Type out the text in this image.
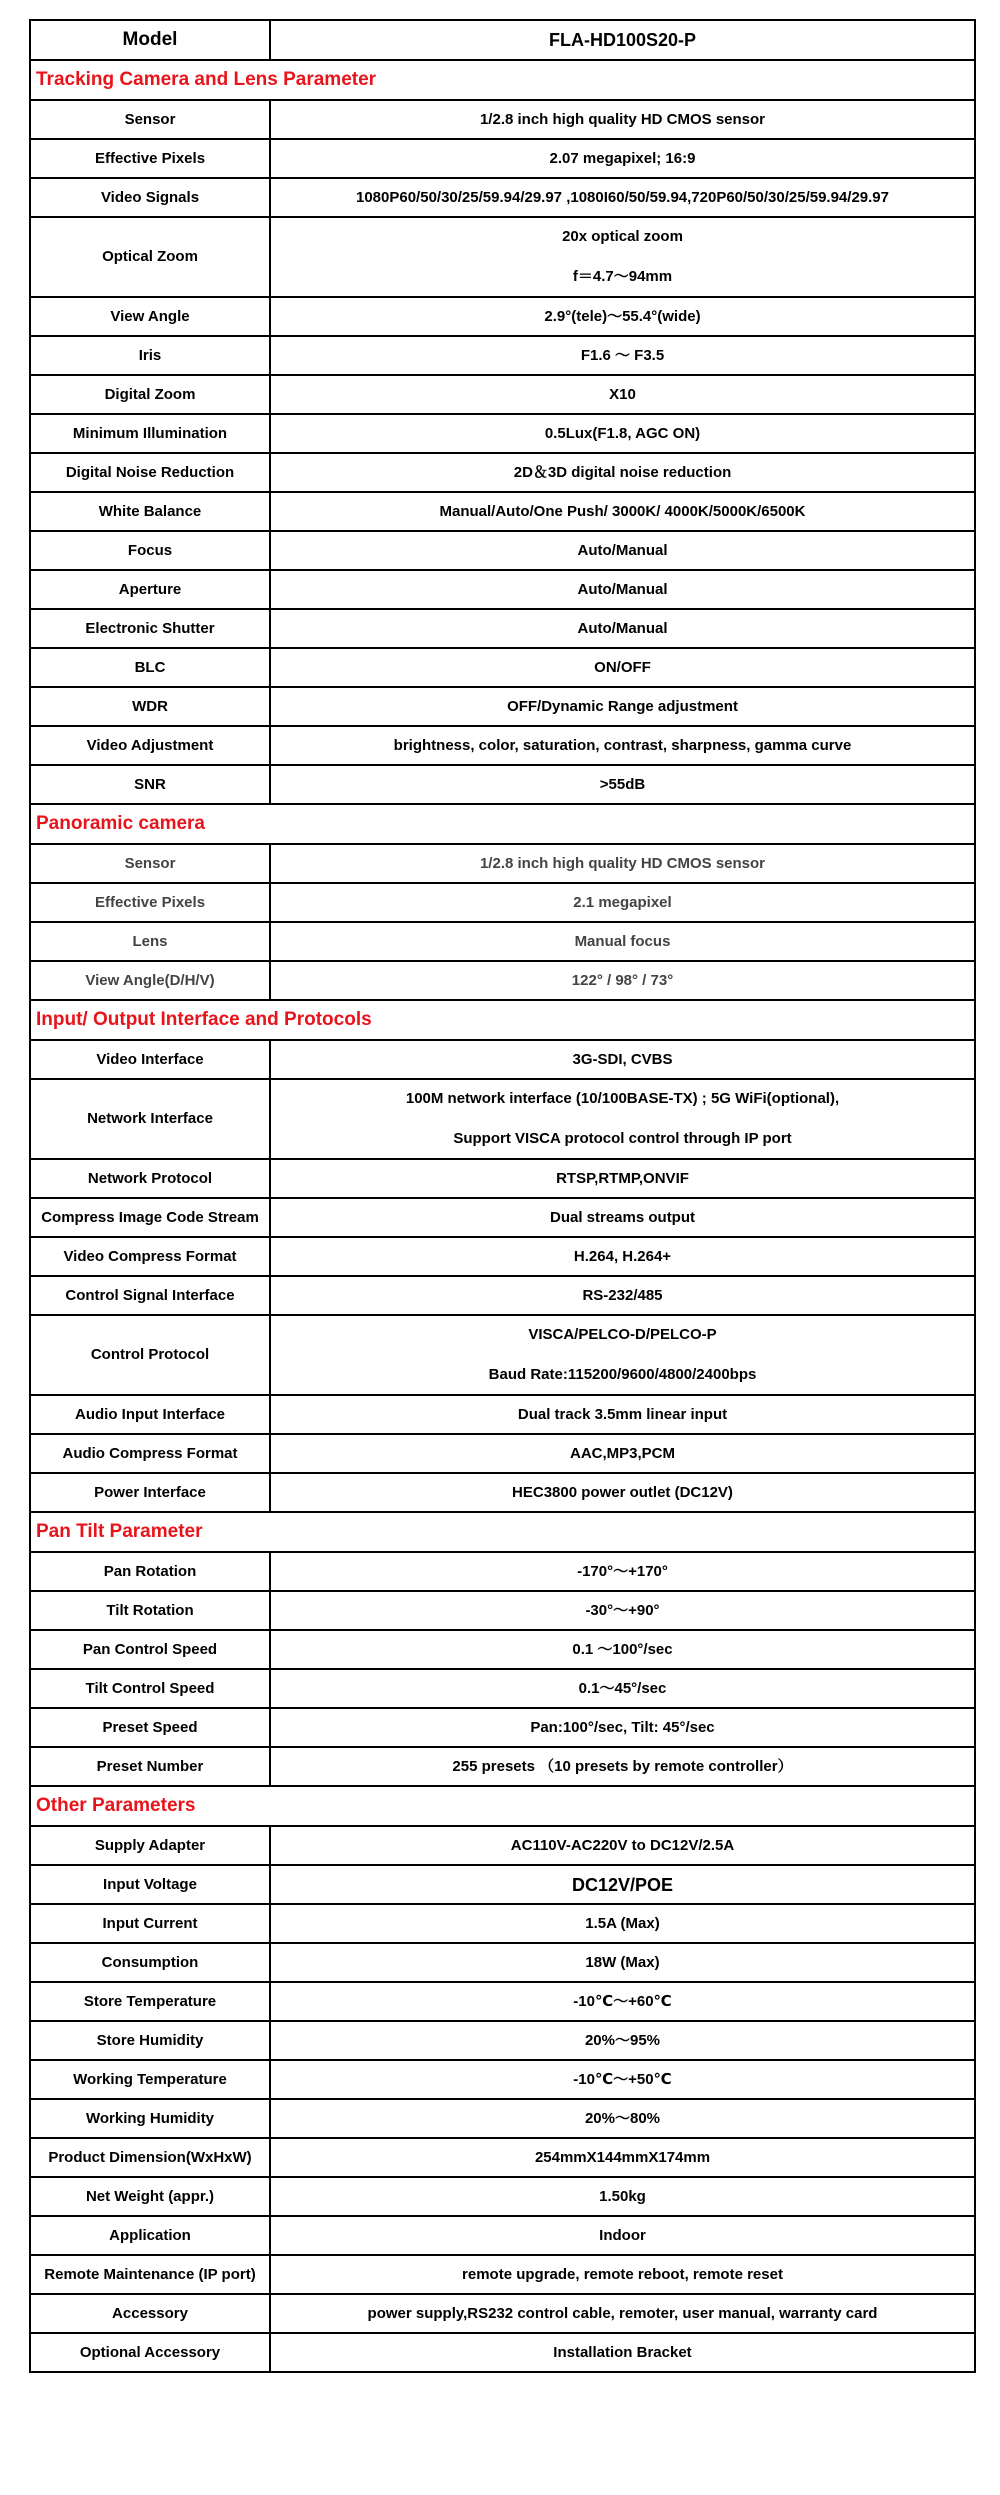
Model	FLA-HD100S20-P
Tracking Camera and Lens Parameter	
Sensor	1/2.8 inch high quality HD CMOS sensor

Effective Pixels	2.07 megapixel; 16:9

Video Signals	1080P60/50/30/25/59.94/29.97 ,1080I60/50/59.94,720P60/50/30/25/59.94/29.97

Optical Zoom	20x optical zoom
f＝4.7～94mm

View Angle	2.9°(tele)～55.4°(wide)

Iris	F1.6 ～ F3.5

Digital Zoom	X10

Minimum Illumination	0.5Lux(F1.8, AGC ON)

Digital Noise Reduction	2D＆3D digital noise reduction

White Balance	Manual/Auto/One Push/ 3000K/ 4000K/5000K/6500K

Focus	Auto/Manual

Aperture	Auto/Manual

Electronic Shutter	Auto/Manual

BLC	ON/OFF

WDR	OFF/Dynamic Range adjustment

Video Adjustment	brightness, color, saturation, contrast, sharpness, gamma curve

SNR	>55dB

Panoramic camera	
Sensor	1/2.8 inch high quality HD CMOS sensor

Effective Pixels	2.1 megapixel

Lens	Manual focus

View Angle(D/H/V)	122° / 98° / 73°

Input/ Output Interface and Protocols	
Video Interface	3G-SDI, CVBS

Network Interface	100M network interface (10/100BASE-TX) ; 5G WiFi(optional),
Support VISCA protocol control through IP port

Network Protocol	RTSP,RTMP,ONVIF

Compress Image Code Stream	Dual streams output

Video Compress Format	H.264, H.264+

Control Signal Interface	RS-232/485

Control Protocol	VISCA/PELCO-D/PELCO-P
Baud Rate:115200/9600/4800/2400bps

Audio Input Interface	Dual track 3.5mm linear input

Audio Compress Format	AAC,MP3,PCM

Power Interface	HEC3800 power outlet (DC12V)

Pan Tilt Parameter	
Pan Rotation	-170°～+170°

Tilt Rotation	-30°～+90°

Pan Control Speed	0.1 ～100°/sec

Tilt Control Speed	0.1～45°/sec

Preset Speed	Pan:100°/sec, Tilt: 45°/sec

Preset Number	255 presets （10 presets by remote controller）

Other Parameters	
Supply Adapter	AC110V-AC220V to DC12V/2.5A

Input Voltage	DC12V/POE

Input Current	1.5A (Max)

Consumption	18W (Max)

Store Temperature	-10℃～+60℃

Store Humidity	20%～95%

Working Temperature	-10℃～+50℃

Working Humidity	20%～80%

Product Dimension(WxHxW)	254mmX144mmX174mm

Net Weight (appr.)	1.50kg

Application	Indoor

Remote Maintenance (IP port)	remote upgrade, remote reboot, remote reset

Accessory	power supply,RS232 control cable, remoter, user manual, warranty card

Optional Accessory	Installation Bracket
